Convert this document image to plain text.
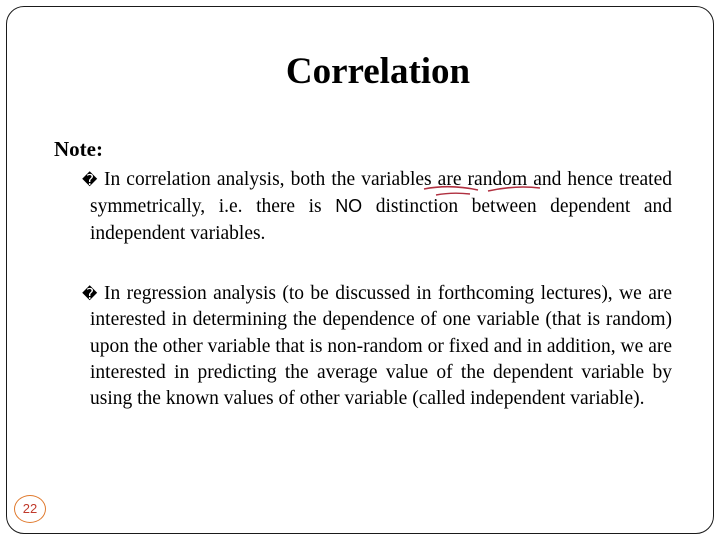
Correlation
Note:
� In correlation analysis, both the variables are random and hence treated symmetrically, i.e. there is NO distinction between dependent and independent variables.
� In regression analysis (to be discussed in forthcoming lectures), we are interested in determining the dependence of one variable (that is random) upon the other variable that is non-random or fixed and in addition, we are interested in predicting the average value of the dependent variable by using the known values of other variable (called independent variable).
22
